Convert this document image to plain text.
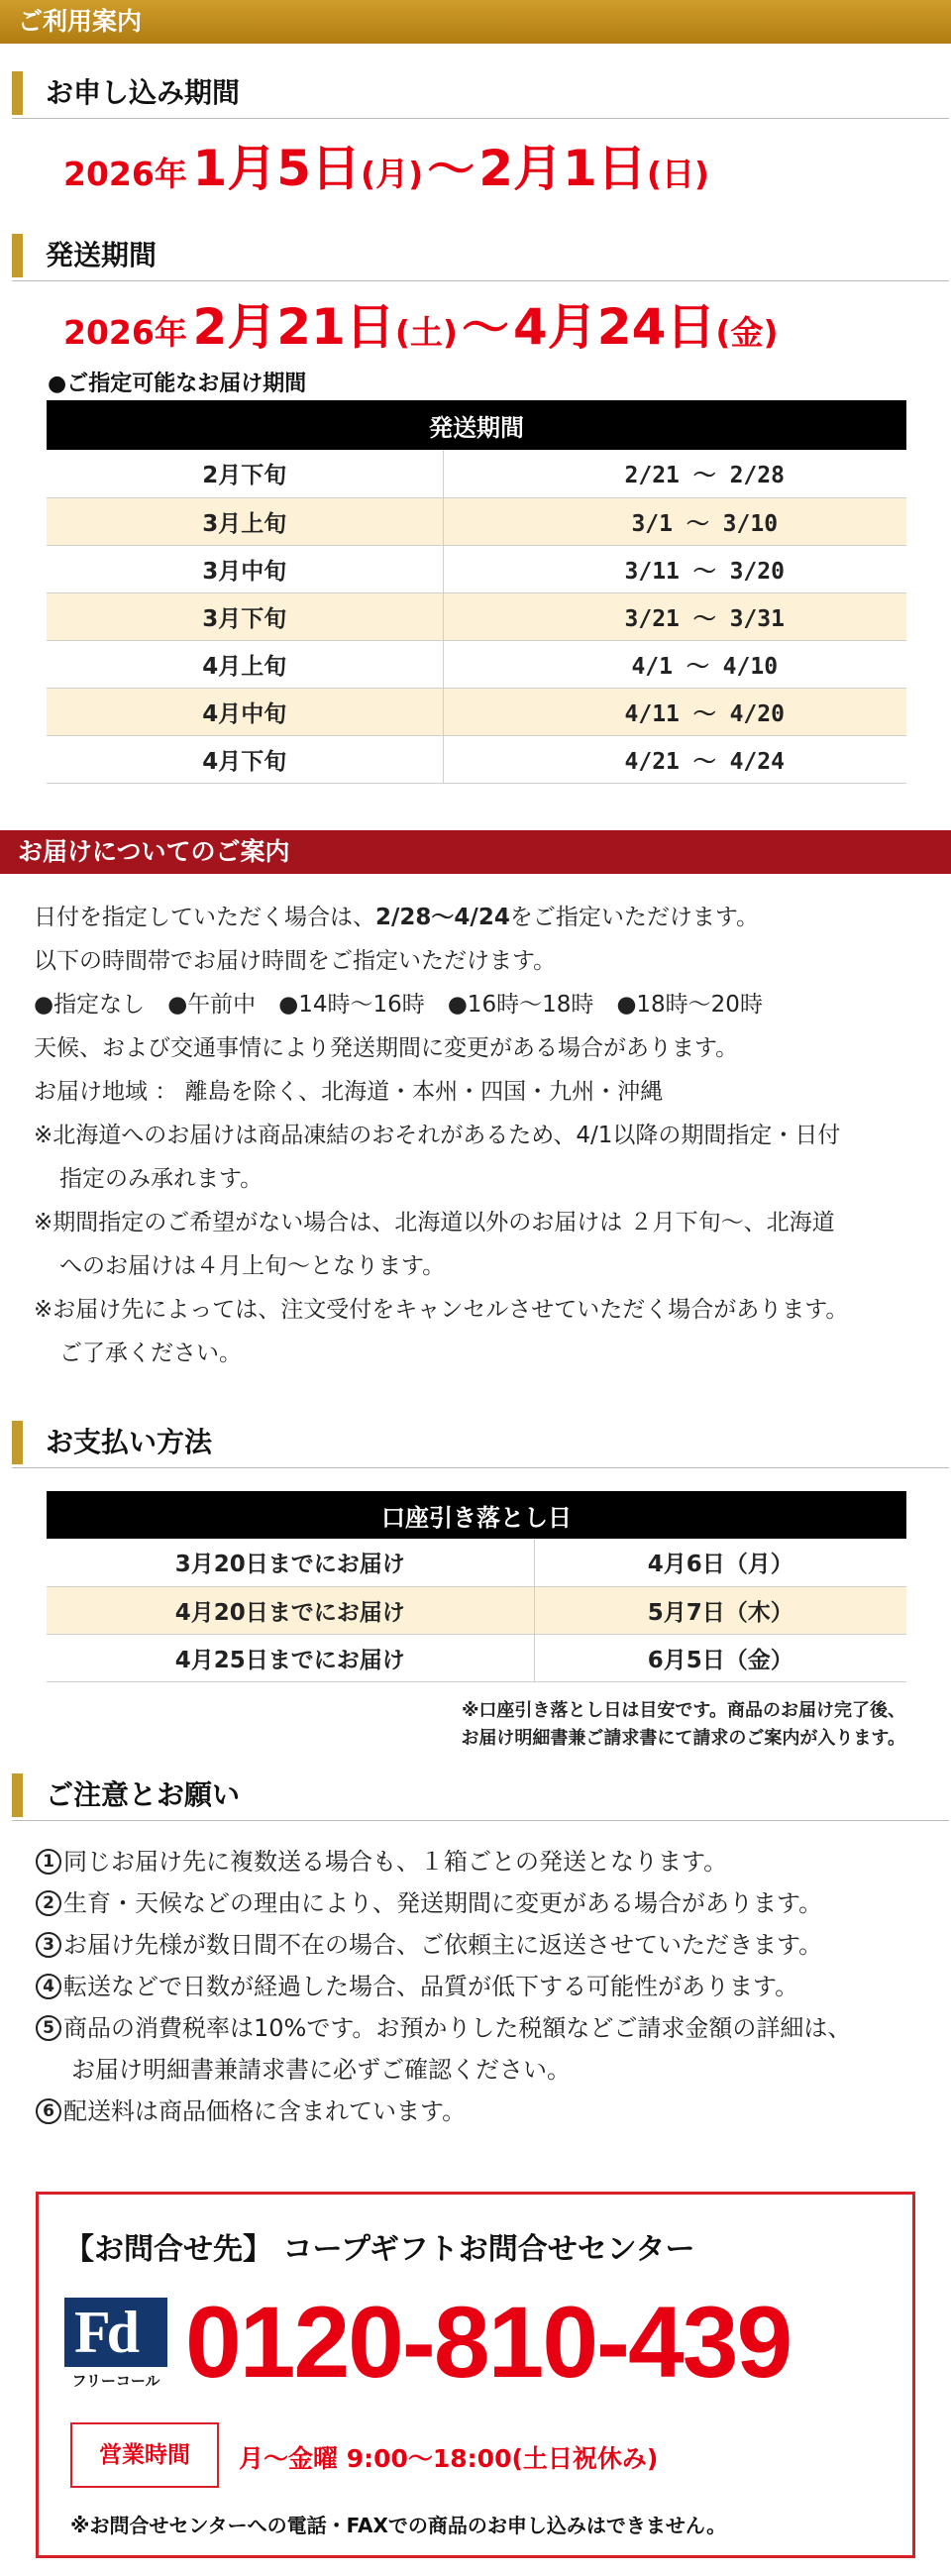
ご利用案内
お申し込み期間
2026年 1月5日(月)〜2月1日(日)
発送期間
2026年 2月21日(土)〜4月24日(金)
●ご指定可能なお届け期間
発送期間	
2月下旬	2/21 〜 2/28
3月上旬	3/1 〜 3/10
3月中旬	3/11 〜 3/20
3月下旬	3/21 〜 3/31
4月上旬	4/1 〜 4/10
4月中旬	4/11 〜 4/20
4月下旬	4/21 〜 4/24
お届けについてのご案内
日付を指定していただく場合は、2/28〜4/24をご指定いただけます。
以下の時間帯でお届け時間をご指定いただけます。
●指定なし　●午前中　●14時〜16時　●16時〜18時　●18時〜20時
天候、および交通事情により発送期間に変更がある場合があります。
お届け地域 ： 離島を除く、北海道・本州・四国・九州・沖縄
※北海道へのお届けは商品凍結のおそれがあるため、4/1以降の期間指定・日付
指定のみ承れます。
※期間指定のご希望がない場合は、北海道以外のお届けは ２月下旬〜、北海道
へのお届けは４月上旬〜となります。
※お届け先によっては、注文受付をキャンセルさせていただく場合があります。
ご了承ください。
お支払い方法
口座引き落とし日	
3月20日までにお届け	4月6日（月）
4月20日までにお届け	5月7日（木）
4月25日までにお届け	6月5日（金）
※口座引き落とし日は目安です。商品のお届け完了後、
お届け明細書兼ご請求書にて請求のご案内が入ります。
ご注意とお願い
1 同じお届け先に複数送る場合も、１箱ごとの発送となります。
2 生育・天候などの理由により、発送期間に変更がある場合があります。
3 お届け先様が数日間不在の場合、ご依頼主に返送させていただきます。
4 転送などで日数が経過した場合、品質が低下する可能性があります。
5 商品の消費税率は10%です。お預かりした税額などご請求金額の詳細は、
お届け明細書兼請求書に必ずご確認ください。
6 配送料は商品価格に含まれています。
【お問合せ先】 コープギフトお問合せセンター
Fd
フリーコール 0120-810-439
営業時間	月〜金曜 9:00〜18:00(土日祝休み)
※お問合せセンターへの電話・FAXでの商品のお申し込みはできません。
